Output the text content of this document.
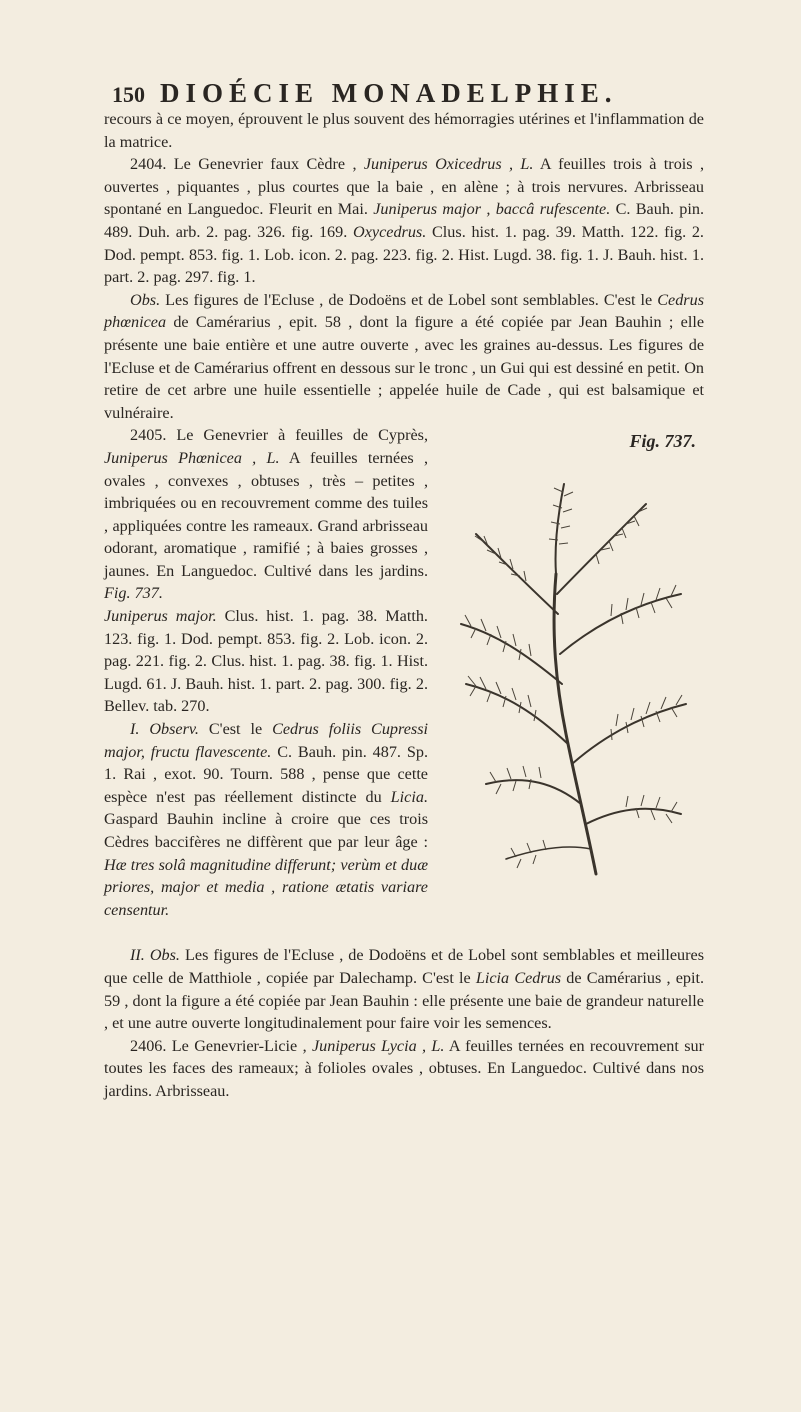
150 DIOÉCIE MONADELPHIE.

recours à ce moyen, éprouvent le plus souvent des hémorragies utérines et l'inflammation de la matrice.

2404. Le Genevrier faux Cèdre , Juniperus Oxicedrus , L. A feuilles trois à trois , ouvertes , piquantes , plus courtes que la baie , en alène ; à trois nervures. Arbrisseau spontané en Languedoc. Fleurit en Mai. Juniperus major , baccâ rufescente. C. Bauh. pin. 489. Duh. arb. 2. pag. 326. fig. 169. Oxycedrus. Clus. hist. 1. pag. 39. Matth. 122. fig. 2. Dod. pempt. 853. fig. 1. Lob. icon. 2. pag. 223. fig. 2. Hist. Lugd. 38. fig. 1. J. Bauh. hist. 1. part. 2. pag. 297. fig. 1.

Obs. Les figures de l'Ecluse , de Dodoëns et de Lobel sont semblables. C'est le Cedrus phœnicea de Camérarius , epit. 58 , dont la figure a été copiée par Jean Bauhin ; elle présente une baie entière et une autre ouverte , avec les graines au-dessus. Les figures de l'Ecluse et de Camérarius offrent en dessous sur le tronc , un Gui qui est dessiné en petit. On retire de cet arbre une huile essentielle ; appelée huile de Cade , qui est balsamique et vulnéraire.

Fig. 737.

2405. Le Genevrier à feuilles de Cyprès, Juniperus Phœnicea , L. A feuilles ternées , ovales , convexes , obtuses , très – petites , imbriquées ou en recouvrement comme des tuiles , appliquées contre les rameaux. Grand arbrisseau odorant, aromatique , ramifié ; à baies grosses , jaunes. En Languedoc. Cultivé dans les jardins. Fig. 737.
Juniperus major. Clus. hist. 1. pag. 38. Matth. 123. fig. 1. Dod. pempt. 853. fig. 2. Lob. icon. 2. pag. 221. fig. 2. Clus. hist. 1. pag. 38. fig. 1. Hist. Lugd. 61. J. Bauh. hist. 1. part. 2. pag. 300. fig. 2. Bellev. tab. 270.

I. Observ. C'est le Cedrus foliis Cupressi major, fructu flavescente. C. Bauh. pin. 487. Sp. 1. Rai , exot. 90. Tourn. 588 , pense que cette espèce n'est pas réellement distincte du Licia. Gaspard Bauhin incline à croire que ces trois Cèdres baccifères ne diffèrent que par leur âge : Hæ tres solâ magnitudine differunt; verùm et duæ priores, major et media , ratione ætatis variare censentur.

II. Obs. Les figures de l'Ecluse , de Dodoëns et de Lobel sont semblables et meilleures que celle de Matthiole , copiée par Dalechamp. C'est le Licia Cedrus de Camérarius , epit. 59 , dont la figure a été copiée par Jean Bauhin : elle présente une baie de grandeur naturelle , et une autre ouverte longitudinalement pour faire voir les semences.

2406. Le Genevrier-Licie , Juniperus Lycia , L. A feuilles ternées en recouvrement sur toutes les faces des rameaux; à folioles ovales , obtuses. En Languedoc. Cultivé dans nos jardins. Arbrisseau.
